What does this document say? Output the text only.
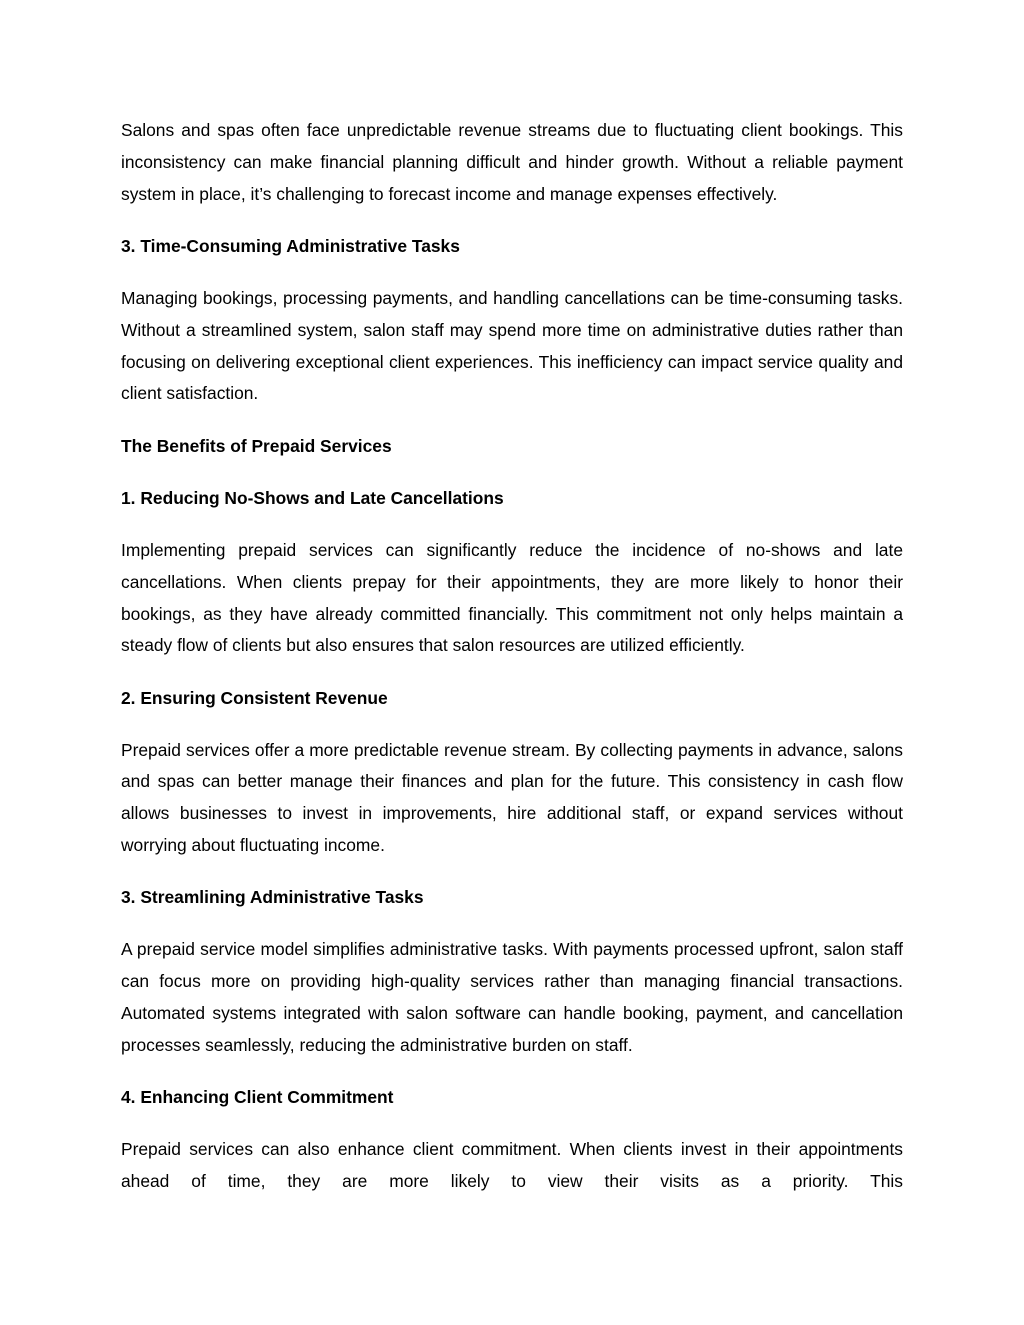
Salons and spas often face unpredictable revenue streams due to fluctuating client bookings. This inconsistency can make financial planning difficult and hinder growth. Without a reliable payment system in place, it’s challenging to forecast income and manage expenses effectively.

3. Time-Consuming Administrative Tasks

Managing bookings, processing payments, and handling cancellations can be time-consuming tasks. Without a streamlined system, salon staff may spend more time on administrative duties rather than focusing on delivering exceptional client experiences. This inefficiency can impact service quality and client satisfaction.

The Benefits of Prepaid Services

1. Reducing No-Shows and Late Cancellations

Implementing prepaid services can significantly reduce the incidence of no-shows and late cancellations. When clients prepay for their appointments, they are more likely to honor their bookings, as they have already committed financially. This commitment not only helps maintain a steady flow of clients but also ensures that salon resources are utilized efficiently.

2. Ensuring Consistent Revenue

Prepaid services offer a more predictable revenue stream. By collecting payments in advance, salons and spas can better manage their finances and plan for the future. This consistency in cash flow allows businesses to invest in improvements, hire additional staff, or expand services without worrying about fluctuating income.

3. Streamlining Administrative Tasks

A prepaid service model simplifies administrative tasks. With payments processed upfront, salon staff can focus more on providing high-quality services rather than managing financial transactions. Automated systems integrated with salon software can handle booking, payment, and cancellation processes seamlessly, reducing the administrative burden on staff.

4. Enhancing Client Commitment

Prepaid services can also enhance client commitment. When clients invest in their appointments ahead of time, they are more likely to view their visits as a priority. This
